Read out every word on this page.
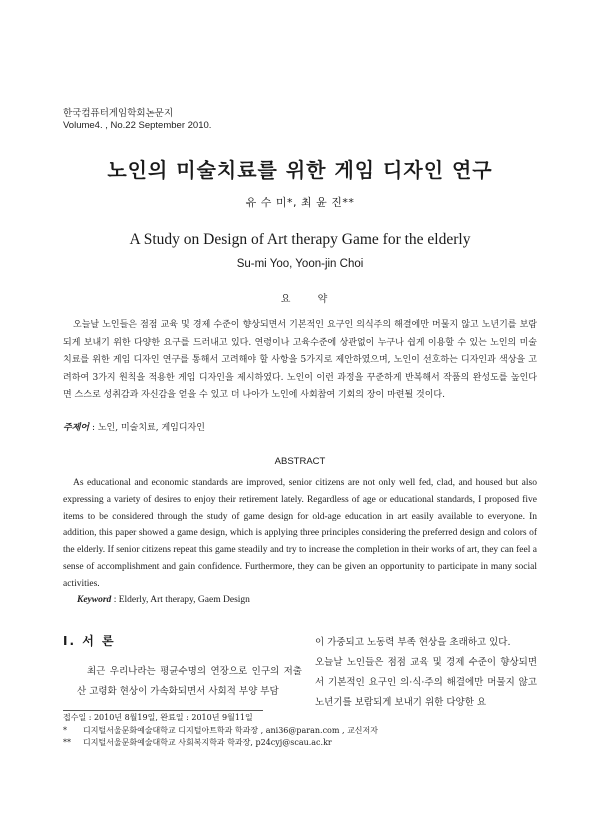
한국컴퓨터게임학회논문지
Volume4. , No.22 September 2010.
노인의 미술치료를 위한 게임 디자인 연구
유 수 미*, 최 윤 진**
A Study on Design of Art therapy Game for the elderly
Su-mi Yoo, Yoon-jin Choi
요 약
오늘날 노인들은 점점 교육 및 경제 수준이 향상되면서 기본적인 요구인 의식주의 해결에만 머물지 않고 노년기를 보람되게 보내기 위한 다양한 요구를 드러내고 있다. 연령이나 고육수준에 상관없이 누구나 쉽게 이용할 수 있는 노인의 미술치료를 위한 게임 디자인 연구를 통해서 고려해야 할 사항을 5가지로 제안하였으며, 노인이 선호하는 디자인과 색상을 고려하여 3가지 원칙을 적용한 게임 디자인을 제시하였다. 노인이 이런 과정을 꾸준하게 반복해서 작품의 완성도를 높인다면 스스로 성취감과 자신감을 얻을 수 있고 더 나아가 노인에 사회참여 기회의 장이 마련될 것이다.
주제어 : 노인, 미술치료, 게임디자인
ABSTRACT
As educational and economic standards are improved, senior citizens are not only well fed, clad, and housed but also expressing a variety of desires to enjoy their retirement lately. Regardless of age or educational standards, I proposed five items to be considered through the study of game design for old-age education in art easily available to everyone. In addition, this paper showed a game design, which is applying three principles considering the preferred design and colors of the elderly. If senior citizens repeat this game steadily and try to increase the completion in their works of art, they can feel a sense of accomplishment and gain confidence. Furthermore, they can be given an opportunity to participate in many social activities.
Keyword : Elderly, Art therapy, Gaem Design
Ⅰ. 서 론

최근 우리나라는 평균수명의 연장으로 인구의 저출산 고령화 현상이 가속화되면서 사회적 부양 부담

이 가중되고 노동력 부족 현상을 초래하고 있다.

오늘날 노인들은 점점 교육 및 경제 수준이 향상되면서 기본적인 요구인 의·식·주의 해결에만 머물지 않고 노년기를 보람되게 보내기 위한 다양한 요

접수일 : 2010년 8월19일, 완료일 : 2010년 9월11일
* 디지털서울문화예술대학교 디지털아트학과 학과장 , ani36@paran.com , 교신저자
** 디지털서울문화예술대학교 사회복지학과 학과장, p24cyj@scau.ac.kr
